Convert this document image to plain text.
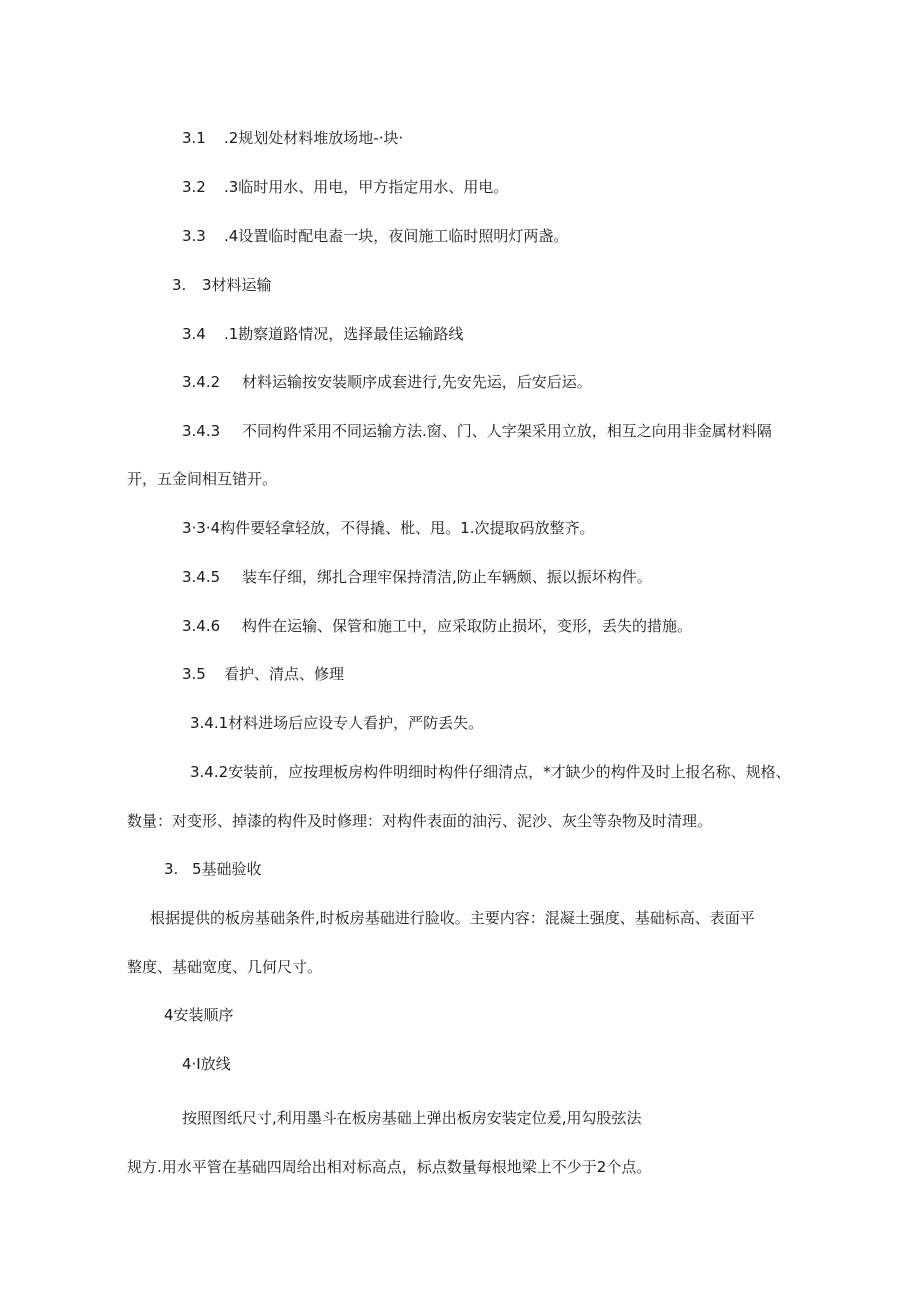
3.1 .2规划处材料堆放场地-·块·
3.2 .3临时用水、用电，甲方指定用水、用电。
3.3 .4设置临时配电盍一块，夜间施工临时照明灯两盏。
3. 3材料运输
3.4 .1勘察道路情况，选择最佳运输路线
3.4.2 材料运输按安装顺序成套进行,先安先运，后安后运。
3.4.3 不同构件采用不同运输方法.窗、门、人字架采用立放，相互之向用非金属材料隔
开，五金间相互错开。
3·3·4构件要轻拿轻放，不得撬、枇、甩。1.次提取码放整齐。
3.4.5 装车仔细，绑扎合理牢保持清洁,防止车辆颇、振以振坏构件。
3.4.6 构件在运输、保管和施工中，应采取防止损坏，变形，丢失的措施。
3.5 看护、清点、修理
3.4.1材料进场后应设专人看护，严防丢失。
3.4.2安装前，应按理板房构件明细时构件仔细清点，*才缺少的构件及时上报名称、规格、
数量：对变形、掉漆的构件及时修理：对构件表面的油污、泥沙、灰尘等杂物及时清理。
3. 5基础验收
根据提供的板房基础条件,时板房基础进行脸收。主要内容：混凝土强度、基础标高、表面平
整度、基础宽度、几何尺寸。
4安装顺序
4·I放线
按照图纸尺寸,利用墨斗在板房基础上弹出板房安装定位爰,用勾股弦法
规方.用水平管在基础四周给出相对标高点，标点数量每根地梁上不少于2个点。
